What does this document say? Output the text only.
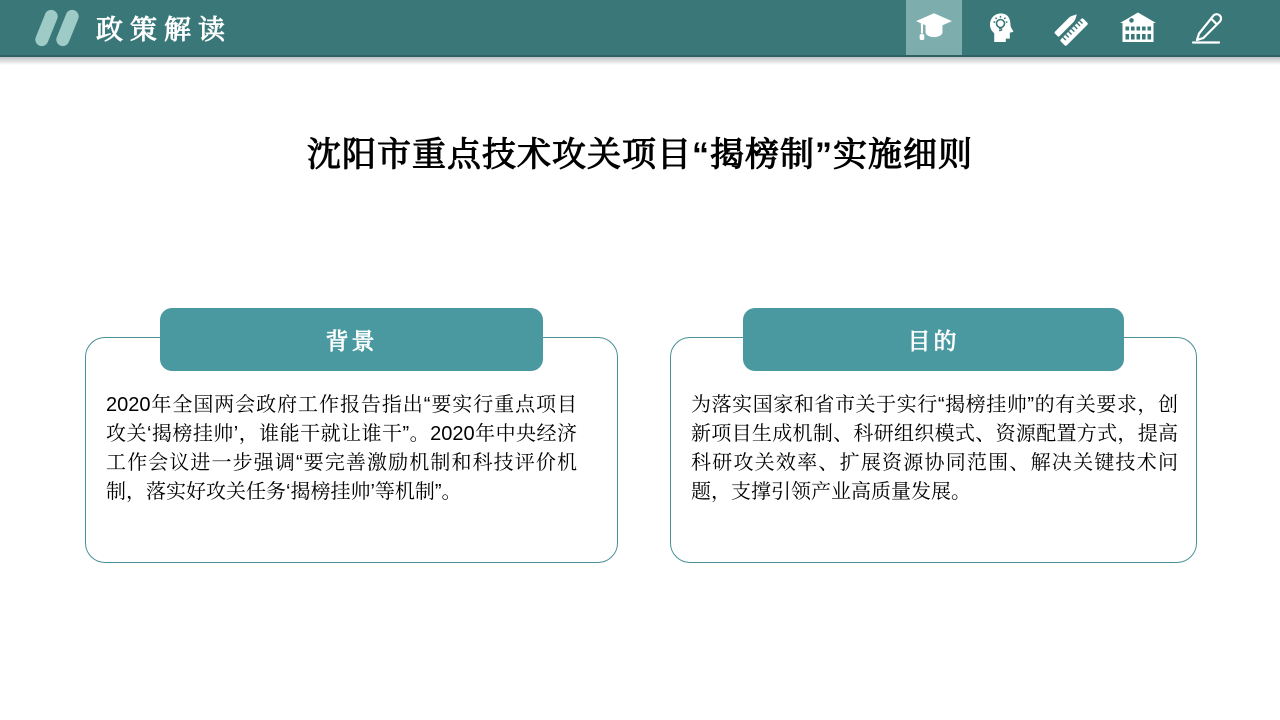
政策解读
沈阳市重点技术攻关项目“揭榜制”实施细则
背景
2020年全国两会政府工作报告指出“要实行重点项目攻关‘揭榜挂帅’，谁能干就让谁干”。2020年中央经济工作会议进一步强调“要完善激励机制和科技评价机制，落实好攻关任务‘揭榜挂帅’等机制”。
目的
为落实国家和省市关于实行“揭榜挂帅”的有关要求，创新项目生成机制、科研组织模式、资源配置方式，提高科研攻关效率、扩展资源协同范围、解决关键技术问题，支撑引领产业高质量发展。
